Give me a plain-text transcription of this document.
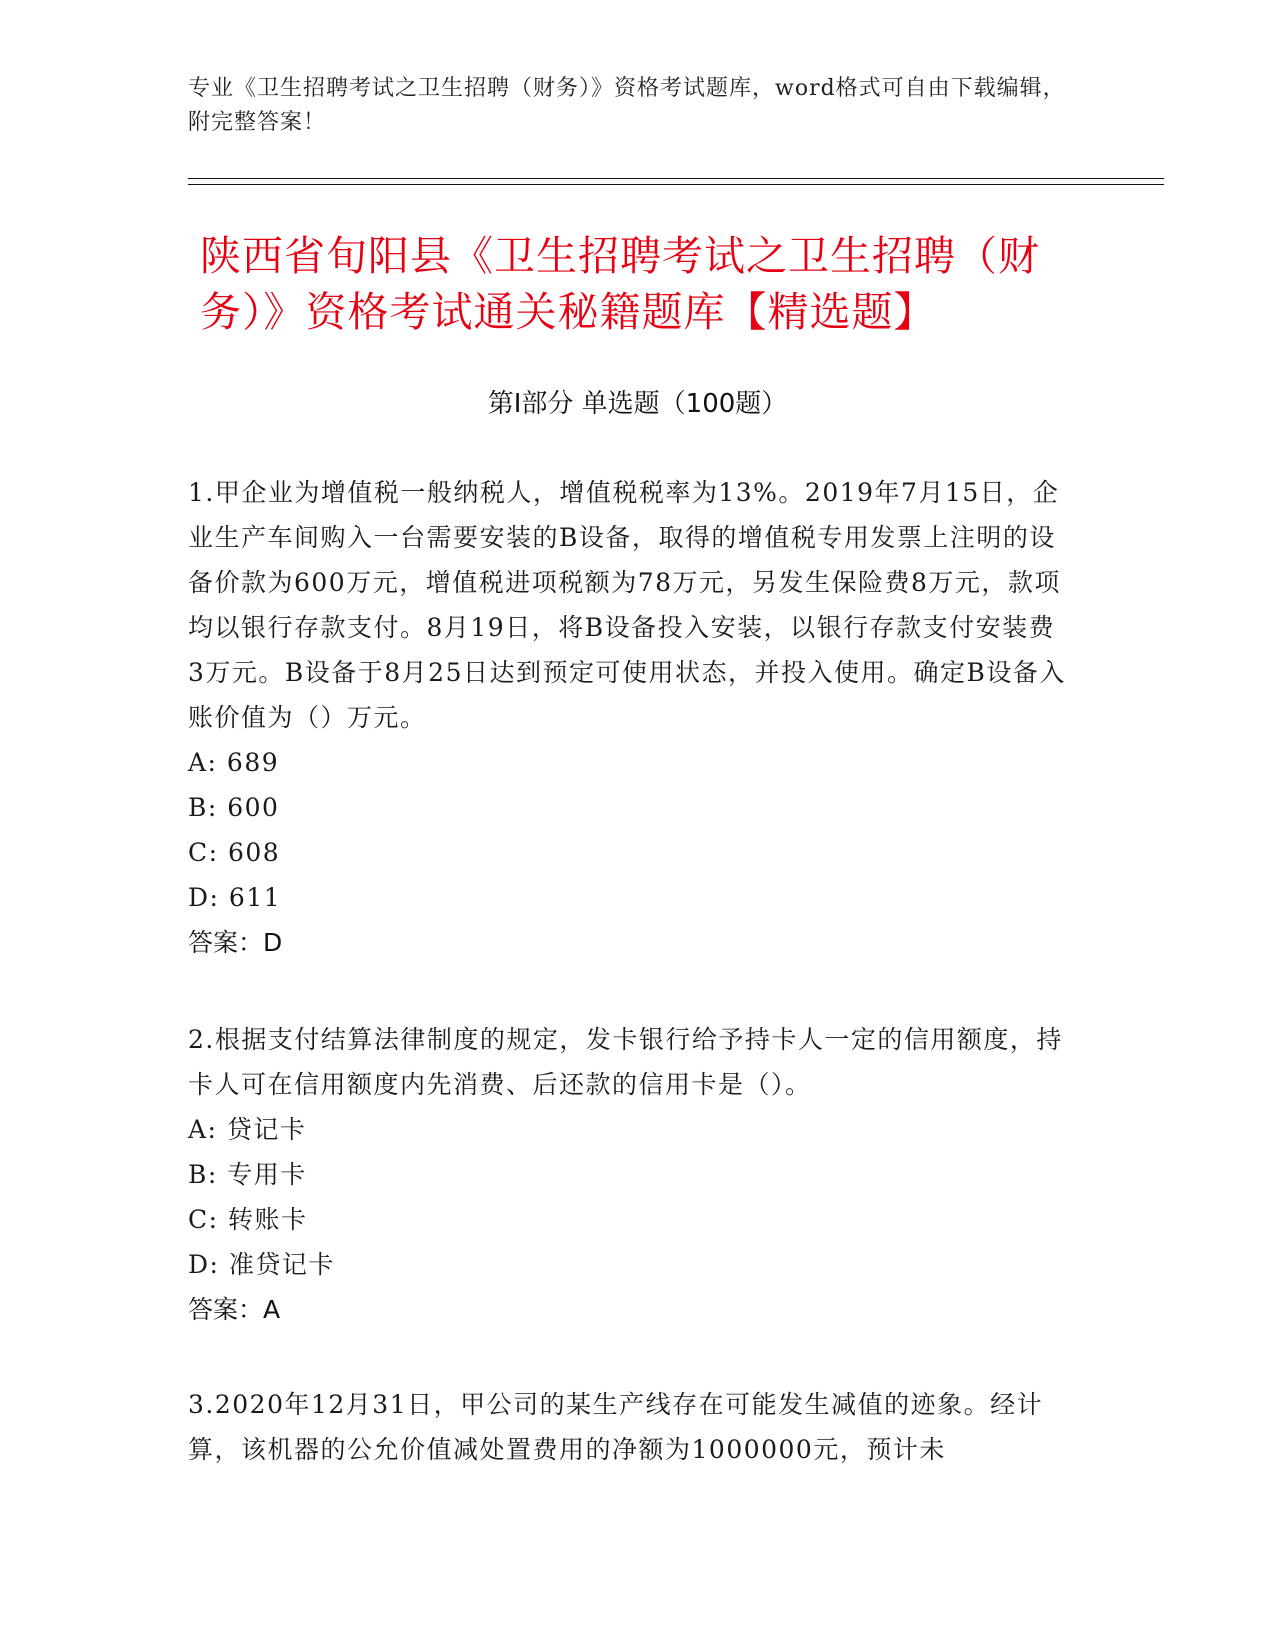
专业《卫生招聘考试之卫生招聘（财务）》资格考试题库，word格式可自由下载编辑，附完整答案！
陕西省旬阳县《卫生招聘考试之卫生招聘（财务）》资格考试通关秘籍题库【精选题】
第Ⅰ部分 单选题（100题）

1.甲企业为增值税一般纳税人，增值税税率为13%。2019年7月15日，企业生产车间购入一台需要安装的B设备，取得的增值税专用发票上注明的设备价款为600万元，增值税进项税额为78万元，另发生保险费8万元，款项均以银行存款支付。8月19日，将B设备投入安装，以银行存款支付安装费3万元。B设备于8月25日达到预定可使用状态，并投入使用。确定B设备入账价值为（）万元。

A: 689

B: 600

C: 608

D: 611

答案：D

2.根据支付结算法律制度的规定，发卡银行给予持卡人一定的信用额度，持卡人可在信用额度内先消费、后还款的信用卡是（）。

A: 贷记卡

B: 专用卡

C: 转账卡

D: 准贷记卡

答案：A

3.2020年12月31日，甲公司的某生产线存在可能发生减值的迹象。经计算，该机器的公允价值减处置费用的净额为1000000元，预计未
